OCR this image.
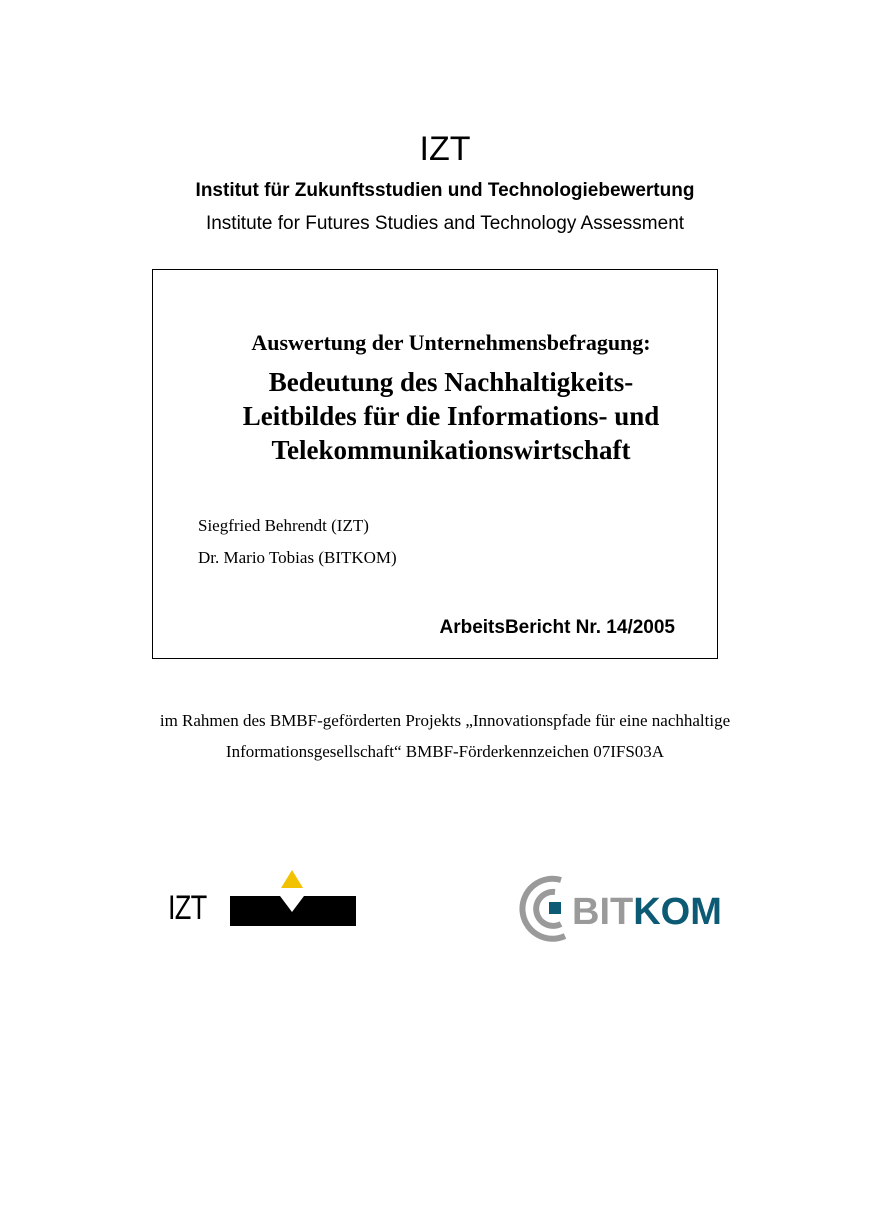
IZT
Institut für Zukunftsstudien und Technologiebewertung
Institute for Futures Studies and Technology Assessment
Auswertung der Unternehmensbefragung:
Bedeutung des Nachhaltigkeits-
Leitbildes für die Informations- und
Telekommunikationswirtschaft
Siegfried Behrendt (IZT)
Dr. Mario Tobias (BITKOM)
ArbeitsBericht Nr. 14/2005
im Rahmen des BMBF-geförderten Projekts „Innovationspfade für eine nachhaltige
Informationsgesellschaft“ BMBF-Förderkennzeichen 07IFS03A
IZT	BITKOM
